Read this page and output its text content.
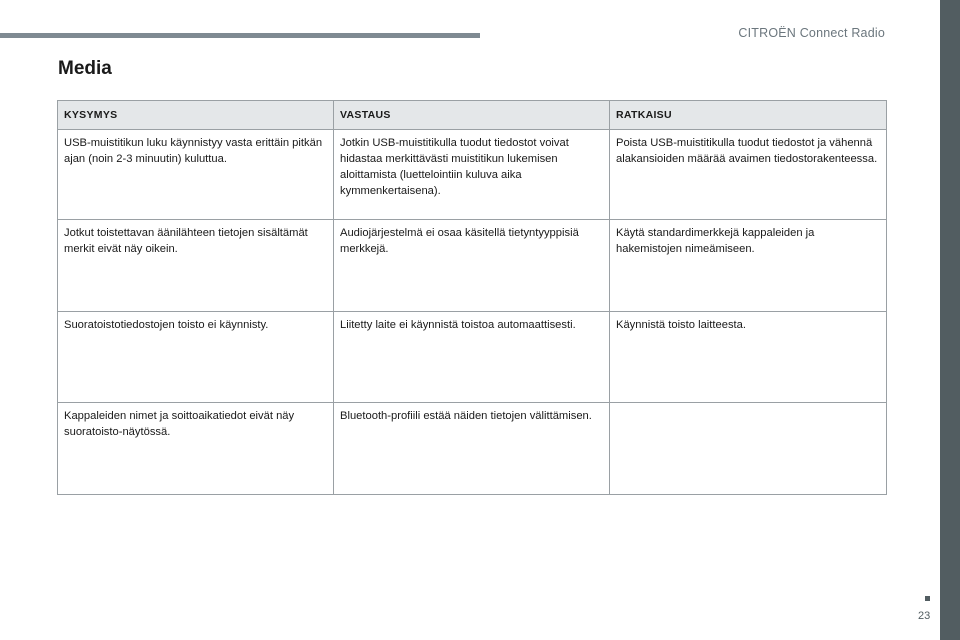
CITROËN Connect Radio
23
Media
KYSYMYS	VASTAUS	RATKAISU
USB-muistitikun luku käynnistyy vasta erittäin pitkän ajan (noin 2-3 minuutin) kuluttua.	Jotkin USB-muistitikulla tuodut tiedostot voivat hidastaa merkittävästi muistitikun lukemisen aloittamista (luettelointiin kuluva aika kymmenkertaisena).	Poista USB-muistitikulla tuodut tiedostot ja vähennä alakansioiden määrää avaimen tiedostorakenteessa.
Jotkut toistettavan äänilähteen tietojen sisältämät merkit eivät näy oikein.	Audiojärjestelmä ei osaa käsitellä tietyntyyppisiä merkkejä.	Käytä standardimerkkejä kappaleiden ja hakemistojen nimeämiseen.
Suoratoistotiedostojen toisto ei käynnisty.	Liitetty laite ei käynnistä toistoa automaattisesti.	Käynnistä toisto laitteesta.
Kappaleiden nimet ja soittoaikatiedot eivät näy suoratoisto-näytössä.	Bluetooth-profiili estää näiden tietojen välittämisen.	
